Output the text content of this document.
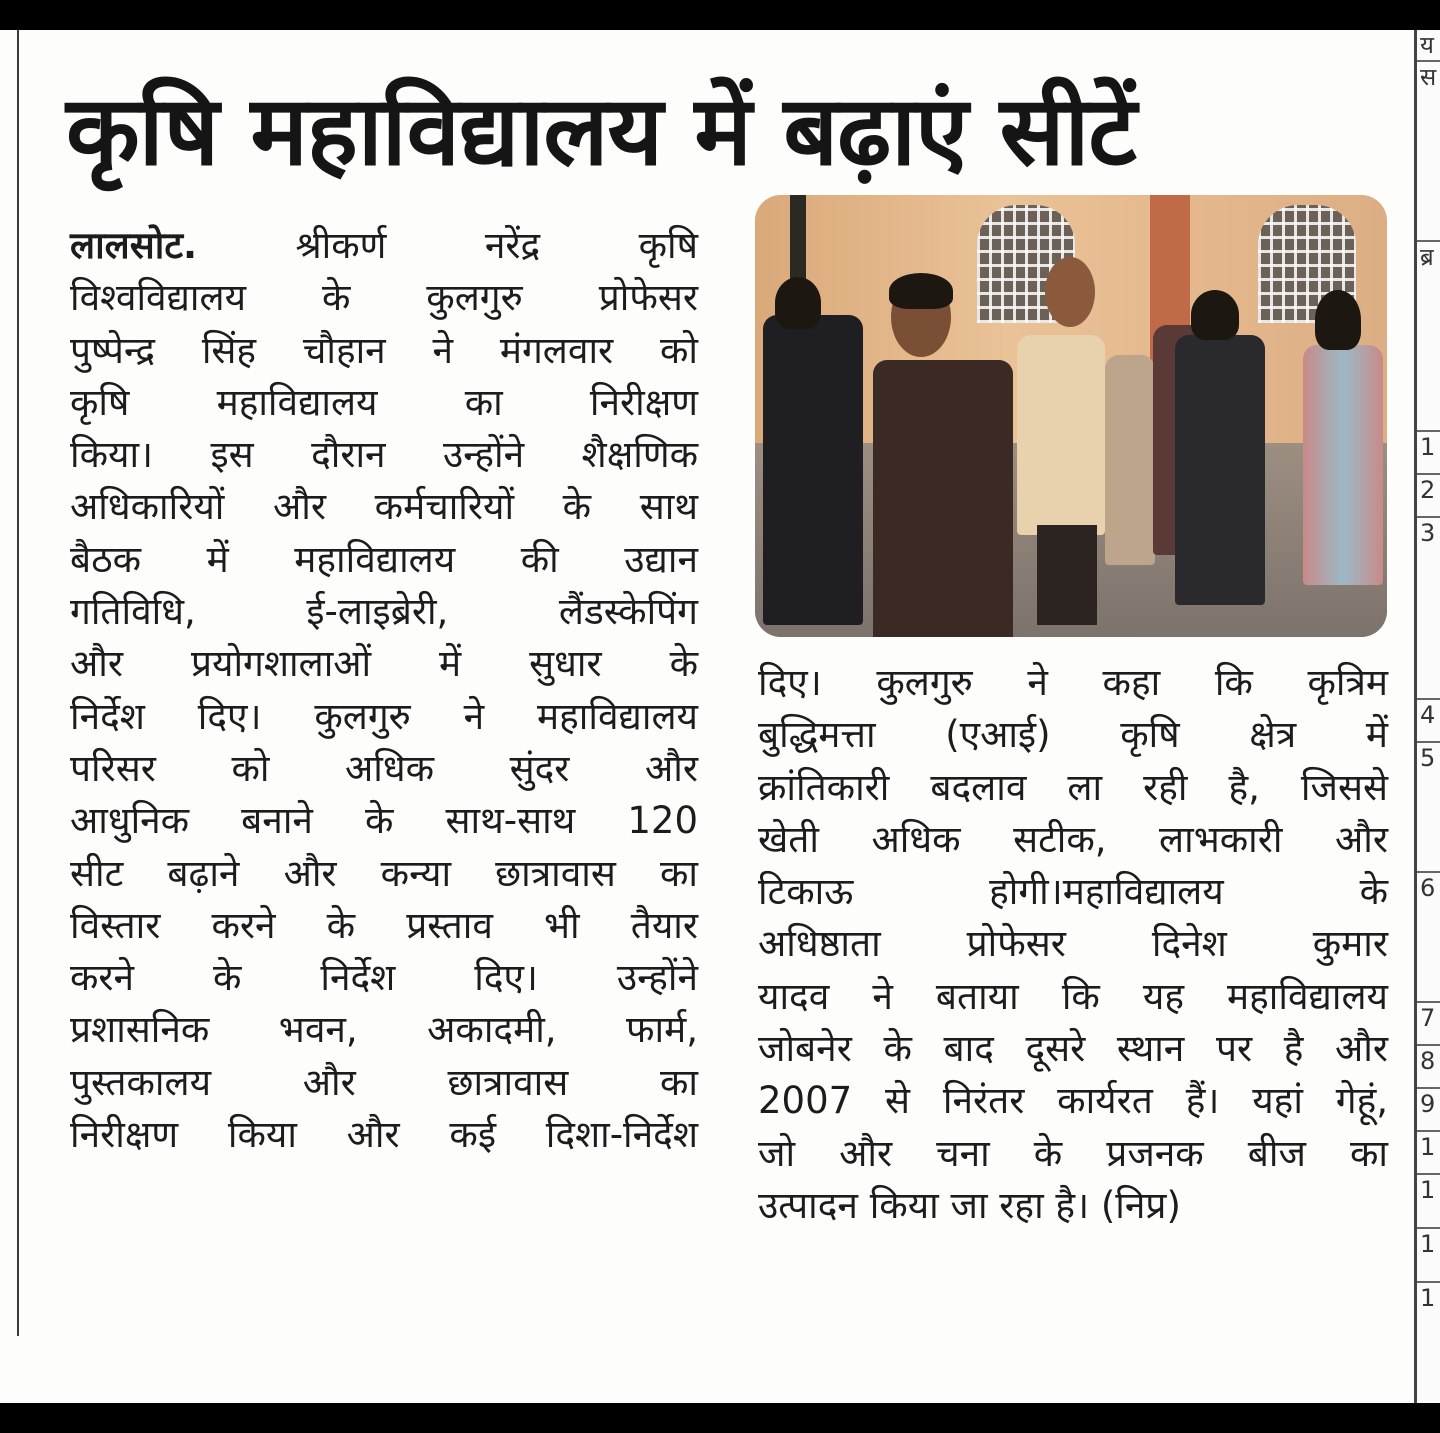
कृषि महाविद्यालय में बढ़ाएं सीटें
लालसोट. श्रीकर्ण नरेंद्र कृषि
विश्वविद्यालय के कुलगुरु प्रोफेसर
पुष्पेन्द्र सिंह चौहान ने मंगलवार को
कृषि महाविद्यालय का निरीक्षण
किया। इस दौरान उन्होंने शैक्षणिक
अधिकारियों और कर्मचारियों के साथ
बैठक में महाविद्यालय की उद्यान
गतिविधि, ई-लाइब्रेरी, लैंडस्केपिंग
और प्रयोगशालाओं में सुधार के
निर्देश दिए। कुलगुरु ने महाविद्यालय
परिसर को अधिक सुंदर और
आधुनिक बनाने के साथ-साथ 120
सीट बढ़ाने और कन्या छात्रावास का
विस्तार करने के प्रस्ताव भी तैयार
करने के निर्देश दिए। उन्होंने
प्रशासनिक भवन, अकादमी, फार्म,
पुस्तकालय और छात्रावास का
निरीक्षण किया और कई दिशा-निर्देश
दिए। कुलगुरु ने कहा कि कृत्रिम
बुद्धिमत्ता (एआई) कृषि क्षेत्र में
क्रांतिकारी बदलाव ला रही है, जिससे
खेती अधिक सटीक, लाभकारी और
टिकाऊ होगी।महाविद्यालय के
अधिष्ठाता प्रोफेसर दिनेश कुमार
यादव ने बताया कि यह महाविद्यालय
जोबनेर के बाद दूसरे स्थान पर है और
2007 से निरंतर कार्यरत हैं। यहां गेहूं,
जो और चना के प्रजनक बीज का
उत्पादन किया जा रहा है। (निप्र)
य
स
ब्र
1
2
3
4
5
6
7
8
9
1
1
1
1
